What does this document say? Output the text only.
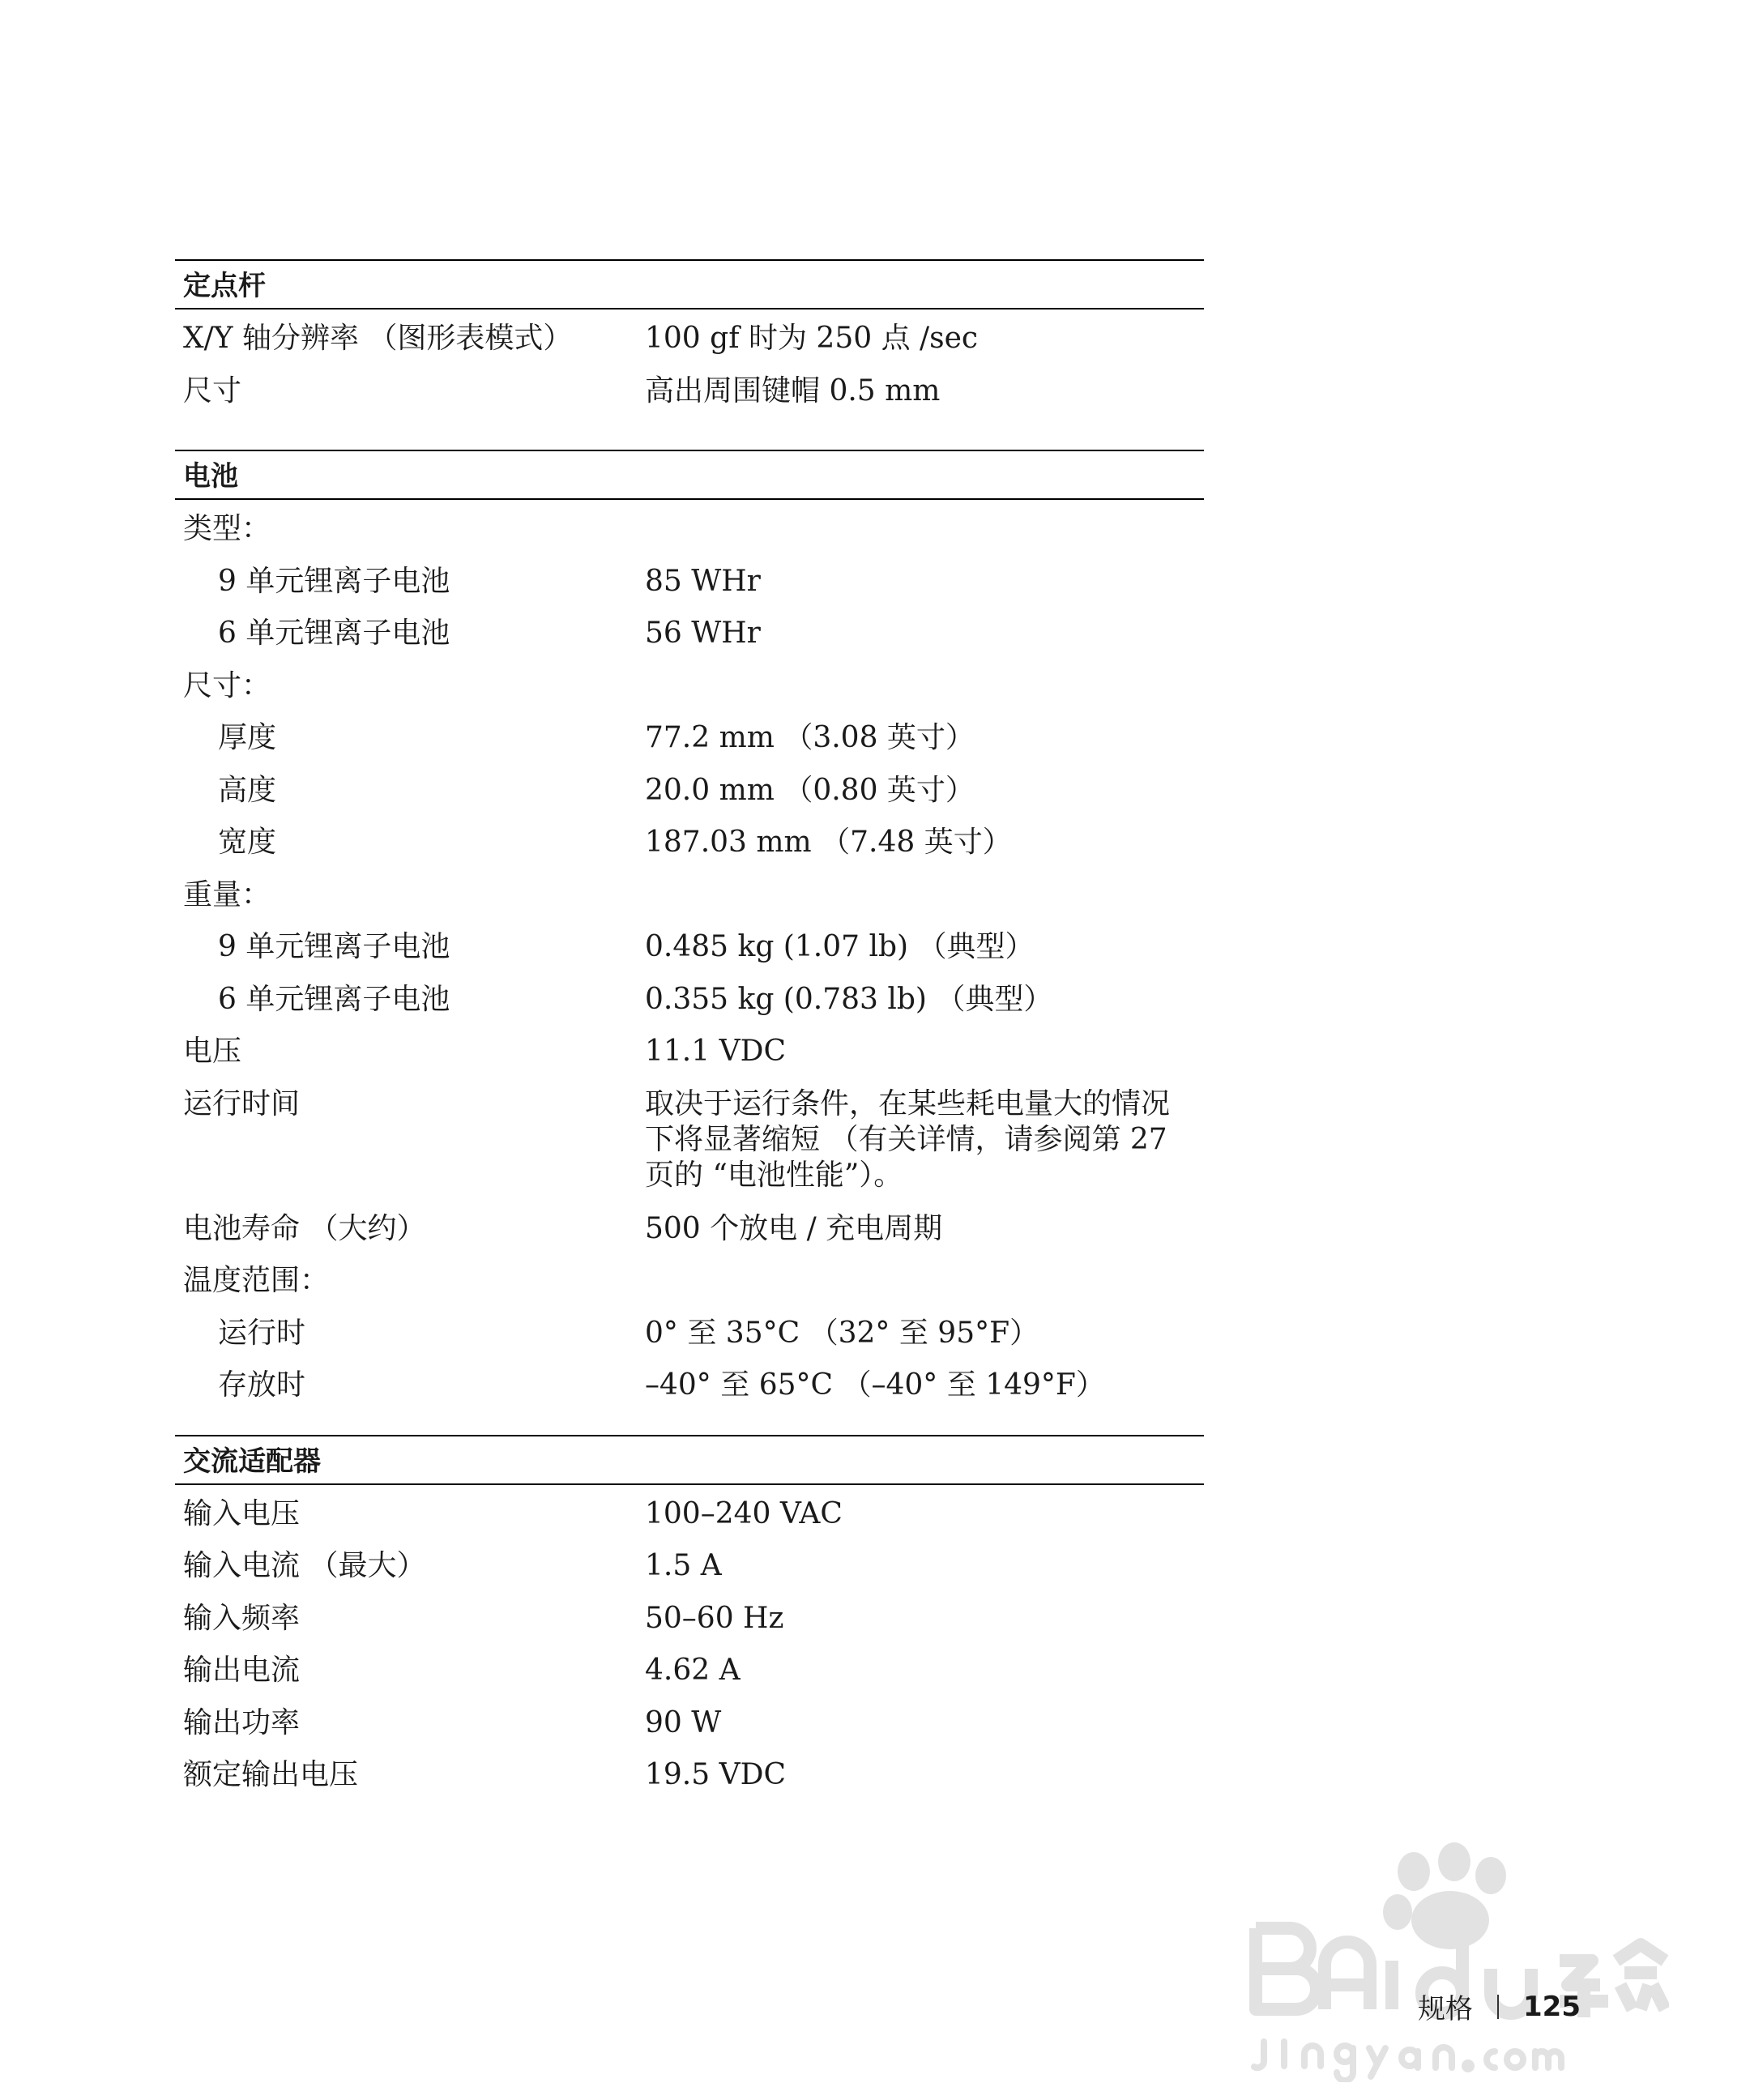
定点杆
X/Y 轴分辨率 （图形表模式）	100 gf 时为 250 点 /sec
尺寸	高出周围键帽 0.5 mm
电池
类型：
9 单元锂离子电池	85 WHr
6 单元锂离子电池	56 WHr
尺寸：
厚度	77.2 mm （3.08 英寸）
高度	20.0 mm （0.80 英寸）
宽度	187.03 mm （7.48 英寸）
重量：
9 单元锂离子电池	0.485 kg (1.07 lb) （典型）
6 单元锂离子电池	0.355 kg (0.783 lb) （典型）
电压	11.1 VDC
运行时间	取决于运行条件，在某些耗电量大的情况下将显著缩短 （有关详情，请参阅第 27 页的 “电池性能”）。
电池寿命 （大约）	500 个放电 / 充电周期
温度范围：
运行时	0° 至 35°C （32° 至 95°F）
存放时	–40° 至 65°C （–40° 至 149°F）
交流适配器
输入电压	100–240 VAC
输入电流 （最大）	1.5 A
输入频率	50–60 Hz
输出电流	4.62 A
输出功率	90 W
额定输出电压	19.5 VDC
规格 125
